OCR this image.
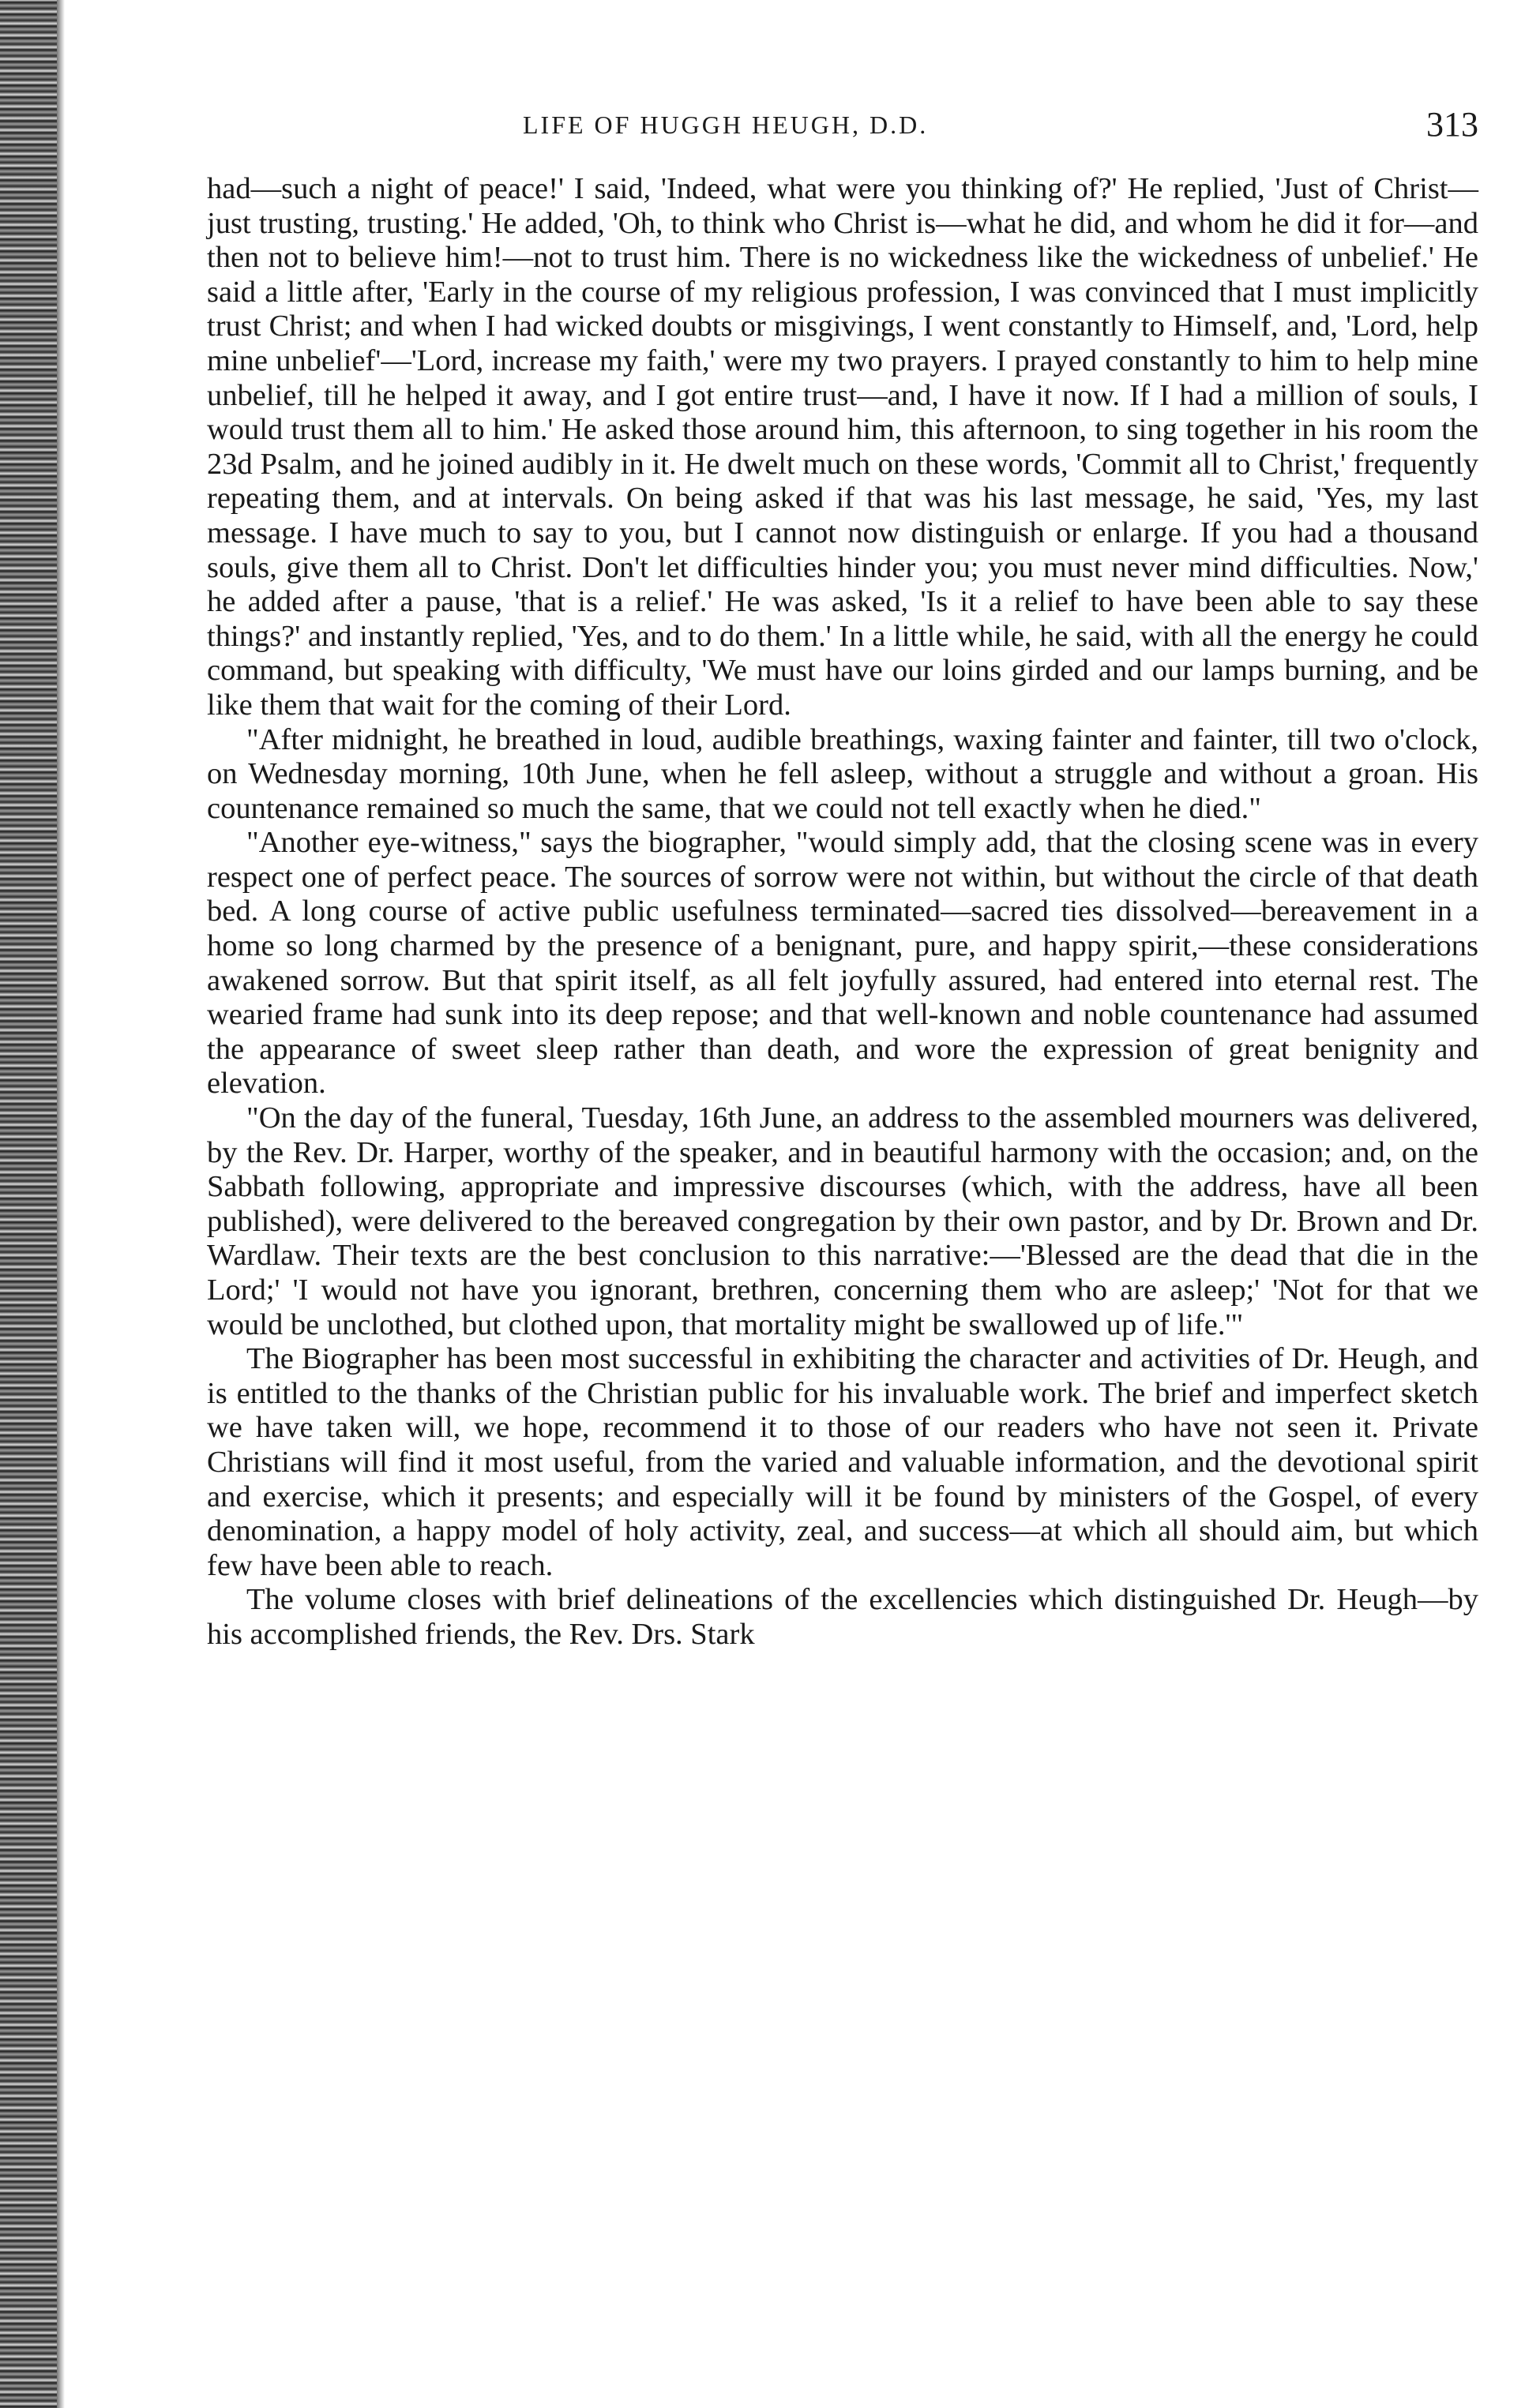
LIFE OF HUGGH HEUGH, D.D.	313

had—such a night of peace!' I said, 'Indeed, what were you thinking of?' He replied, 'Just of Christ—just trusting, trusting.' He added, 'Oh, to think who Christ is—what he did, and whom he did it for—and then not to believe him!—not to trust him. There is no wickedness like the wickedness of unbelief.' He said a little after, 'Early in the course of my religious profession, I was convinced that I must implicitly trust Christ; and when I had wicked doubts or misgivings, I went constantly to Himself, and, 'Lord, help mine unbelief'—'Lord, increase my faith,' were my two prayers. I prayed constantly to him to help mine unbelief, till he helped it away, and I got entire trust—and, I have it now. If I had a million of souls, I would trust them all to him.' He asked those around him, this afternoon, to sing together in his room the 23d Psalm, and he joined audibly in it. He dwelt much on these words, 'Commit all to Christ,' frequently repeating them, and at intervals. On being asked if that was his last message, he said, 'Yes, my last message. I have much to say to you, but I cannot now distinguish or enlarge. If you had a thousand souls, give them all to Christ. Don't let difficulties hinder you; you must never mind difficulties. Now,' he added after a pause, 'that is a relief.' He was asked, 'Is it a relief to have been able to say these things?' and instantly replied, 'Yes, and to do them.' In a little while, he said, with all the energy he could command, but speaking with difficulty, 'We must have our loins girded and our lamps burning, and be like them that wait for the coming of their Lord.

"After midnight, he breathed in loud, audible breathings, waxing fainter and fainter, till two o'clock, on Wednesday morning, 10th June, when he fell asleep, without a struggle and without a groan. His countenance remained so much the same, that we could not tell exactly when he died."

"Another eye-witness," says the biographer, "would simply add, that the closing scene was in every respect one of perfect peace. The sources of sorrow were not within, but without the circle of that death bed. A long course of active public usefulness terminated—sacred ties dissolved—bereavement in a home so long charmed by the presence of a benignant, pure, and happy spirit,—these considerations awakened sorrow. But that spirit itself, as all felt joyfully assured, had entered into eternal rest. The wearied frame had sunk into its deep repose; and that well-known and noble countenance had assumed the appearance of sweet sleep rather than death, and wore the expression of great benignity and elevation.

"On the day of the funeral, Tuesday, 16th June, an address to the assembled mourners was delivered, by the Rev. Dr. Harper, worthy of the speaker, and in beautiful harmony with the occasion; and, on the Sabbath following, appropriate and impressive discourses (which, with the address, have all been published), were delivered to the bereaved congregation by their own pastor, and by Dr. Brown and Dr. Wardlaw. Their texts are the best conclusion to this narrative:—'Blessed are the dead that die in the Lord;' 'I would not have you ignorant, brethren, concerning them who are asleep;' 'Not for that we would be unclothed, but clothed upon, that mortality might be swallowed up of life.'"

The Biographer has been most successful in exhibiting the character and activities of Dr. Heugh, and is entitled to the thanks of the Christian public for his invaluable work. The brief and imperfect sketch we have taken will, we hope, recommend it to those of our readers who have not seen it. Private Christians will find it most useful, from the varied and valuable information, and the devotional spirit and exercise, which it presents; and especially will it be found by ministers of the Gospel, of every denomination, a happy model of holy activity, zeal, and success—at which all should aim, but which few have been able to reach.

The volume closes with brief delineations of the excellencies which distinguished Dr. Heugh—by his accomplished friends, the Rev. Drs. Stark
